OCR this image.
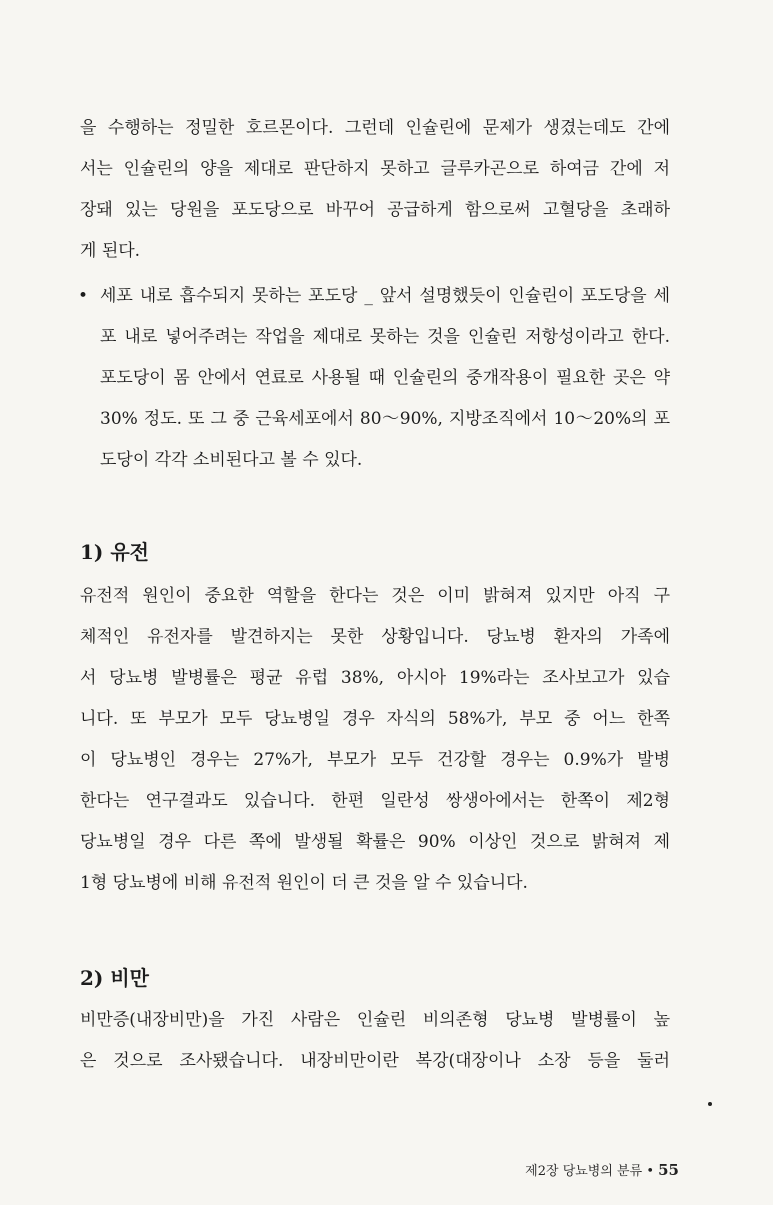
을 수행하는 정밀한 호르몬이다. 그런데 인슐린에 문제가 생겼는데도 간에
서는 인슐린의 양을 제대로 판단하지 못하고 글루카곤으로 하여금 간에 저
장돼 있는 당원을 포도당으로 바꾸어 공급하게 함으로써 고혈당을 초래하
게 된다.
• 세포 내로 흡수되지 못하는 포도당 _ 앞서 설명했듯이 인슐린이 포도당을 세
포 내로 넣어주려는 작업을 제대로 못하는 것을 인슐린 저항성이라고 한다.
포도당이 몸 안에서 연료로 사용될 때 인슐린의 중개작용이 필요한 곳은 약
30% 정도. 또 그 중 근육세포에서 80～90%, 지방조직에서 10～20%의 포
도당이 각각 소비된다고 볼 수 있다.
1) 유전
유전적 원인이 중요한 역할을 한다는 것은 이미 밝혀져 있지만 아직 구
체적인 유전자를 발견하지는 못한 상황입니다. 당뇨병 환자의 가족에
서 당뇨병 발병률은 평균 유럽 38%, 아시아 19%라는 조사보고가 있습
니다. 또 부모가 모두 당뇨병일 경우 자식의 58%가, 부모 중 어느 한쪽
이 당뇨병인 경우는 27%가, 부모가 모두 건강할 경우는 0.9%가 발병
한다는 연구결과도 있습니다. 한편 일란성 쌍생아에서는 한쪽이 제2형
당뇨병일 경우 다른 쪽에 발생될 확률은 90% 이상인 것으로 밝혀져 제
1형 당뇨병에 비해 유전적 원인이 더 큰 것을 알 수 있습니다.
2) 비만
비만증(내장비만)을 가진 사람은 인슐린 비의존형 당뇨병 발병률이 높
은 것으로 조사됐습니다. 내장비만이란 복강(대장이나 소장 등을 둘러
제2장 당뇨병의 분류 • 55
